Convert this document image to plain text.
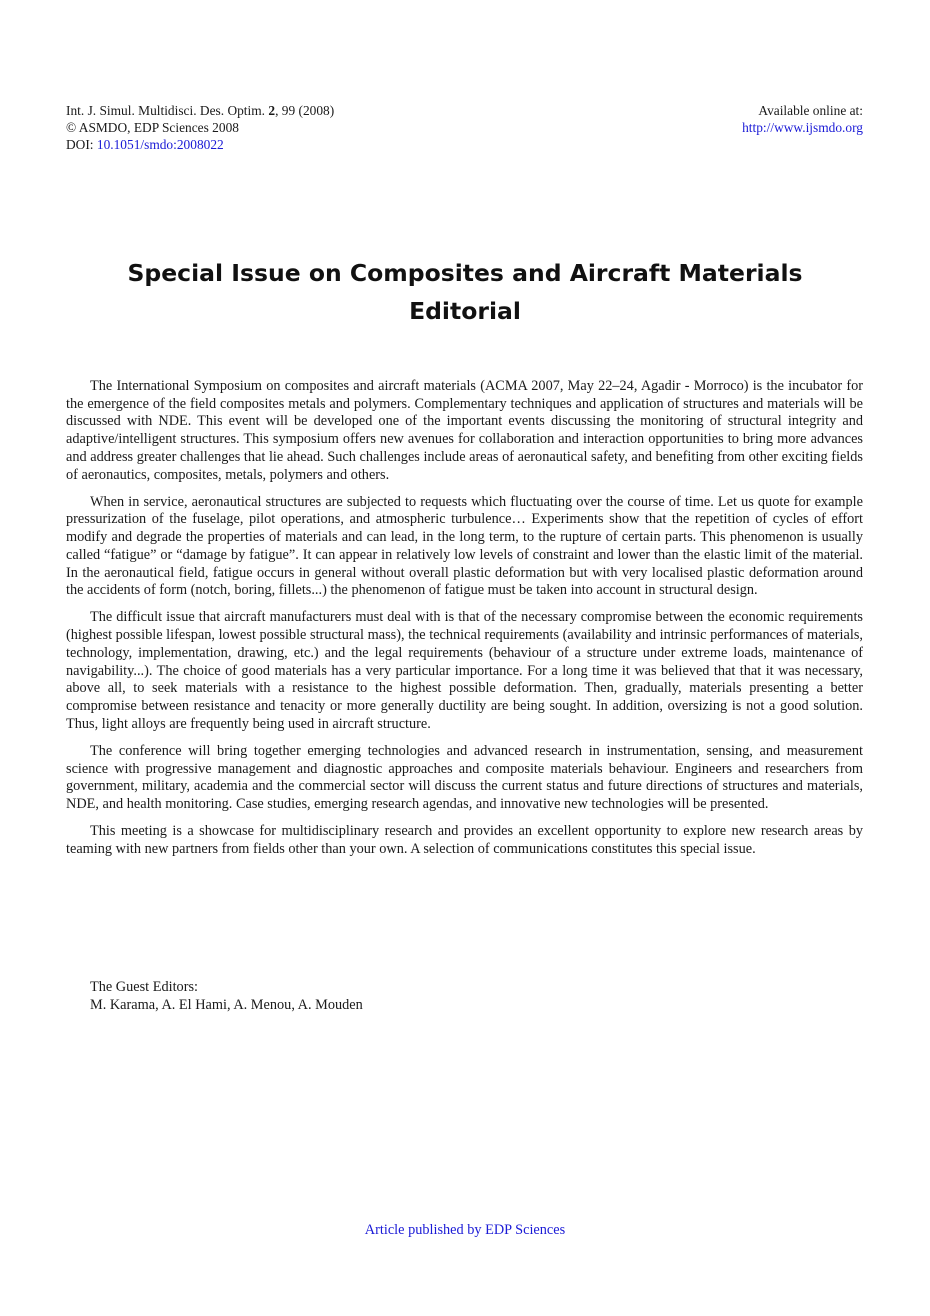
Int. J. Simul. Multidisci. Des. Optim. 2, 99 (2008)
© ASMDO, EDP Sciences 2008
DOI: 10.1051/smdo:2008022
Available online at:
http://www.ijsmdo.org
Special Issue on Composites and Aircraft Materials
Editorial

The International Symposium on composites and aircraft materials (ACMA 2007, May 22–24, Agadir - Morroco) is the incubator for the emergence of the field composites metals and polymers. Complementary techniques and application of structures and materials will be discussed with NDE. This event will be developed one of the important events discussing the monitoring of structural integrity and adaptive/intelligent structures. This symposium offers new avenues for collaboration and interaction opportunities to bring more advances and address greater challenges that lie ahead. Such challenges include areas of aeronautical safety, and benefiting from other exciting fields of aeronautics, composites, metals, polymers and others.

When in service, aeronautical structures are subjected to requests which fluctuating over the course of time. Let us quote for example pressurization of the fuselage, pilot operations, and atmospheric turbulence… Experiments show that the repetition of cycles of effort modify and degrade the properties of materials and can lead, in the long term, to the rupture of certain parts. This phenomenon is usually called “fatigue” or “damage by fatigue”. It can appear in relatively low levels of constraint and lower than the elastic limit of the material. In the aeronautical field, fatigue occurs in general without overall plastic deformation but with very localised plastic deformation around the accidents of form (notch, boring, fillets...) the phenomenon of fatigue must be taken into account in structural design.

The difficult issue that aircraft manufacturers must deal with is that of the necessary compromise between the economic requirements (highest possible lifespan, lowest possible structural mass), the technical requirements (availability and intrinsic performances of materials, technology, implementation, drawing, etc.) and the legal requirements (behaviour of a structure under extreme loads, maintenance of navigability...). The choice of good materials has a very particular importance. For a long time it was believed that that it was necessary, above all, to seek materials with a resistance to the highest possible deformation. Then, gradually, materials presenting a better compromise between resistance and tenacity or more generally ductility are being sought. In addition, oversizing is not a good solution. Thus, light alloys are frequently being used in aircraft structure.

The conference will bring together emerging technologies and advanced research in instrumentation, sensing, and measurement science with progressive management and diagnostic approaches and composite materials behaviour. Engineers and researchers from government, military, academia and the commercial sector will discuss the current status and future directions of structures and materials, NDE, and health monitoring. Case studies, emerging research agendas, and innovative new technologies will be presented.

This meeting is a showcase for multidisciplinary research and provides an excellent opportunity to explore new research areas by teaming with new partners from fields other than your own. A selection of communications constitutes this special issue.

The Guest Editors:
M. Karama, A. El Hami, A. Menou, A. Mouden
Article published by EDP Sciences
